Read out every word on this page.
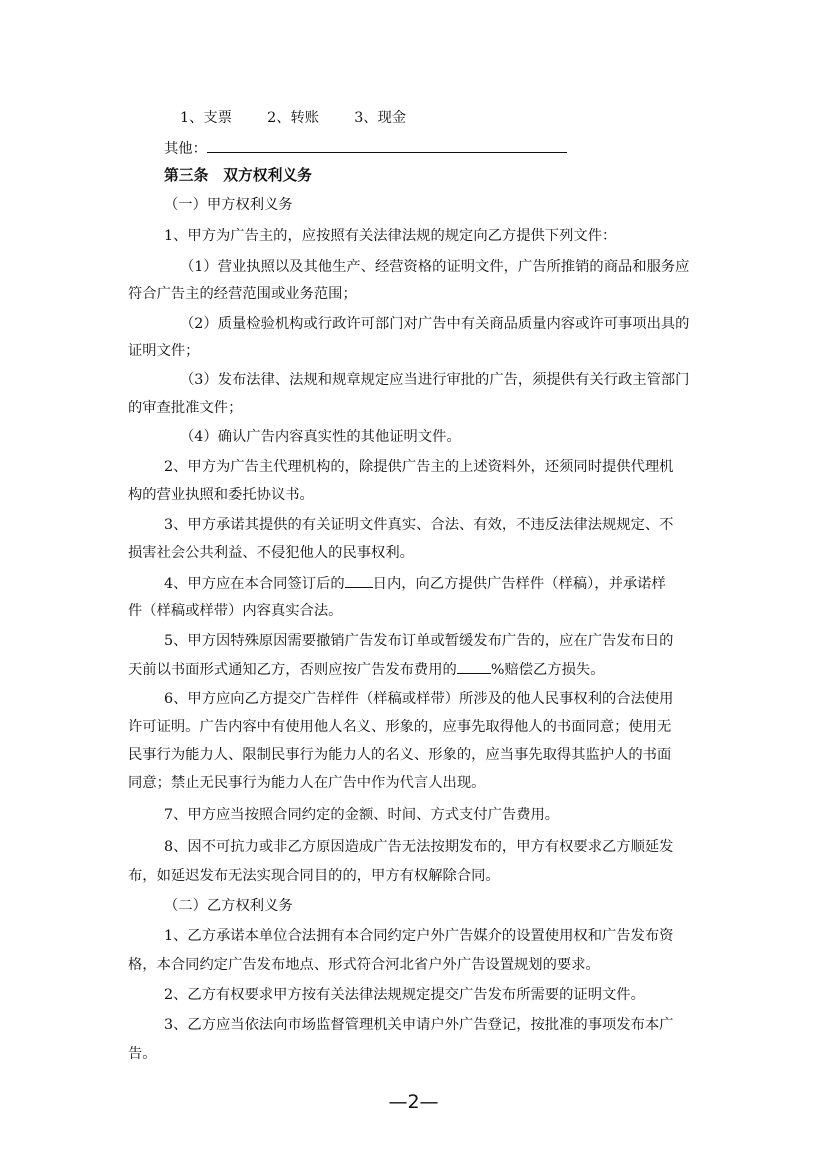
1、支票 2、转账 3、现金
其他：
第三条　双方权利义务
（一）甲方权利义务
1、甲方为广告主的，应按照有关法律法规的规定向乙方提供下列文件：
（1）营业执照以及其他生产、经营资格的证明文件，广告所推销的商品和服务应
符合广告主的经营范围或业务范围；
（2）质量检验机构或行政许可部门对广告中有关商品质量内容或许可事项出具的
证明文件；
（3）发布法律、法规和规章规定应当进行审批的广告，须提供有关行政主管部门
的审查批准文件；
（4）确认广告内容真实性的其他证明文件。
2、甲方为广告主代理机构的，除提供广告主的上述资料外，还须同时提供代理机
构的营业执照和委托协议书。
3、甲方承诺其提供的有关证明文件真实、合法、有效，不违反法律法规规定、不
损害社会公共利益、不侵犯他人的民事权利。
4、甲方应在本合同签订后的 日内，向乙方提供广告样件（样稿），并承诺样
件（样稿或样带）内容真实合法。
5、甲方因特殊原因需要撤销广告发布订单或暂缓发布广告的，应在广告发布日的
天前以书面形式通知乙方，否则应按广告发布费用的 %赔偿乙方损失。
6、甲方应向乙方提交广告样件（样稿或样带）所涉及的他人民事权利的合法使用
许可证明。广告内容中有使用他人名义、形象的，应事先取得他人的书面同意；使用无
民事行为能力人、限制民事行为能力人的名义、形象的，应当事先取得其监护人的书面
同意；禁止无民事行为能力人在广告中作为代言人出现。
7、甲方应当按照合同约定的金额、时间、方式支付广告费用。
8、因不可抗力或非乙方原因造成广告无法按期发布的，甲方有权要求乙方顺延发
布，如延迟发布无法实现合同目的的，甲方有权解除合同。
（二）乙方权利义务
1、乙方承诺本单位合法拥有本合同约定户外广告媒介的设置使用权和广告发布资
格，本合同约定广告发布地点、形式符合河北省户外广告设置规划的要求。
2、乙方有权要求甲方按有关法律法规规定提交广告发布所需要的证明文件。
3、乙方应当依法向市场监督管理机关申请户外广告登记，按批准的事项发布本广
告。
—2—
